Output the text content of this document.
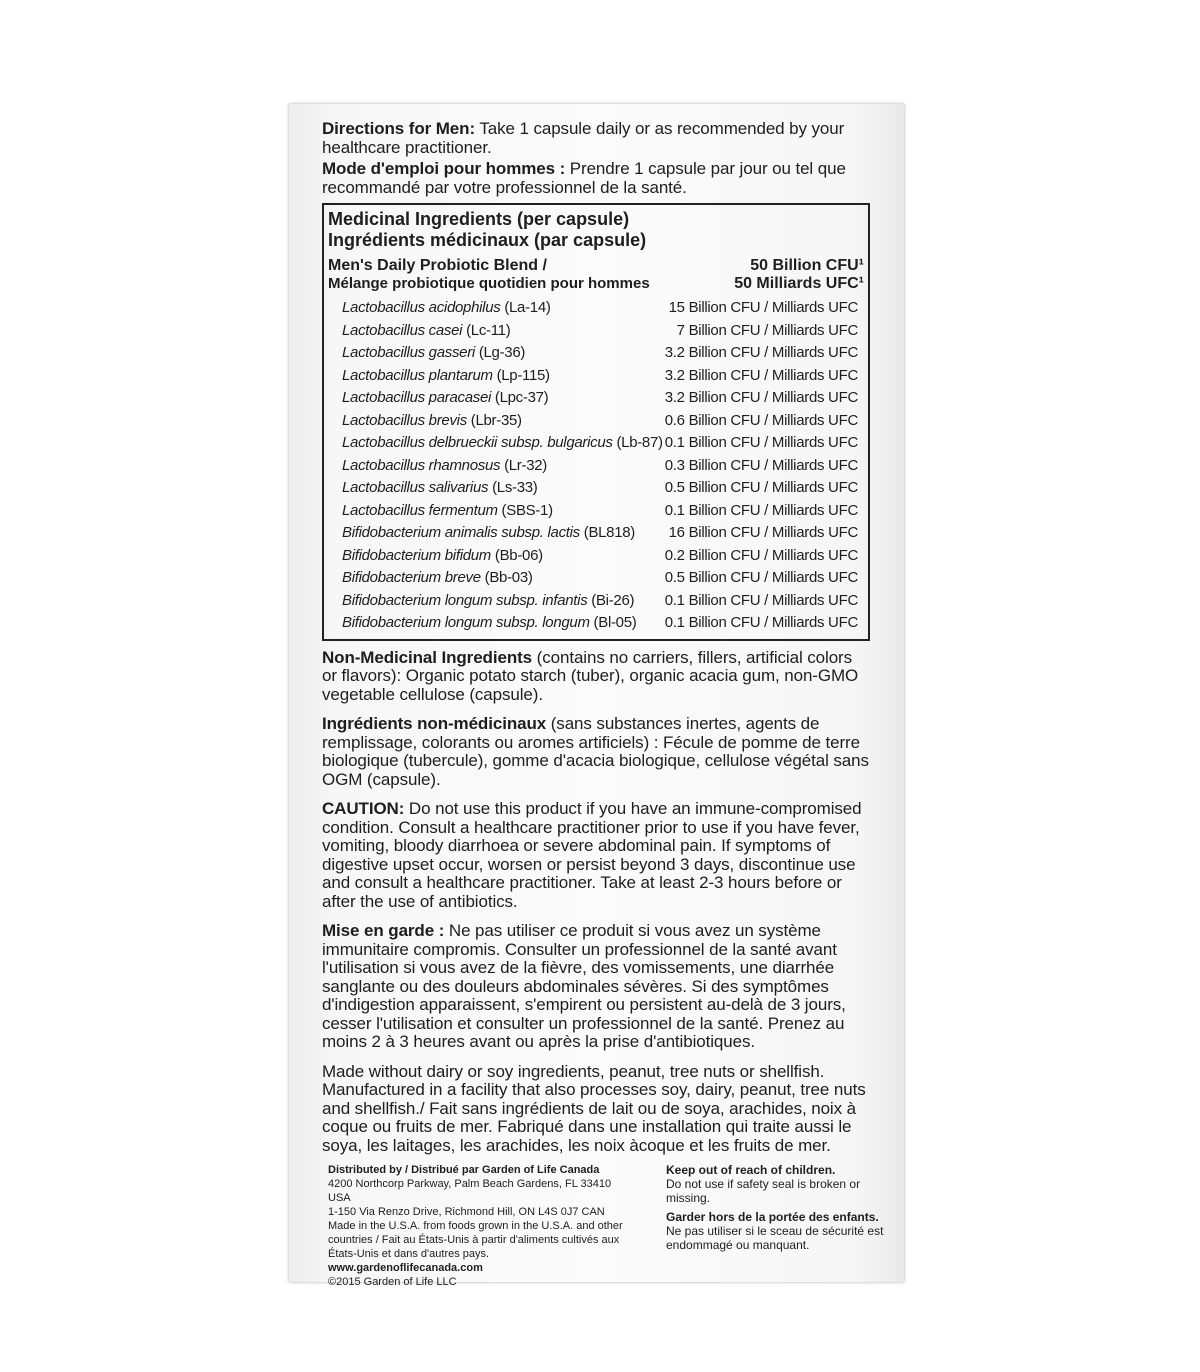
Directions for Men: Take 1 capsule daily or as recommended by your healthcare practitioner.

Mode d'emploi pour hommes : Prendre 1 capsule par jour ou tel que recommandé par votre professionnel de la santé.

Medicinal Ingredients (per capsule)
Ingrédients médicinaux (par capsule)
Men's Daily Probiotic Blend /
Mélange probiotique quotidien pour hommes
50 Billion CFU¹
50 Milliards UFC¹
Lactobacillus acidophilus (La-14)	15 Billion CFU / Milliards UFC
Lactobacillus casei (Lc-11)	7 Billion CFU / Milliards UFC
Lactobacillus gasseri (Lg-36)	3.2 Billion CFU / Milliards UFC
Lactobacillus plantarum (Lp-115)	3.2 Billion CFU / Milliards UFC
Lactobacillus paracasei (Lpc-37)	3.2 Billion CFU / Milliards UFC
Lactobacillus brevis (Lbr-35)	0.6 Billion CFU / Milliards UFC
Lactobacillus delbrueckii subsp. bulgaricus (Lb-87) 0.1 Billion CFU / Milliards UFC
Lactobacillus rhamnosus (Lr-32)	0.3 Billion CFU / Milliards UFC
Lactobacillus salivarius (Ls-33)	0.5 Billion CFU / Milliards UFC
Lactobacillus fermentum (SBS-1)	0.1 Billion CFU / Milliards UFC
Bifidobacterium animalis subsp. lactis (BL818) 16 Billion CFU / Milliards UFC
Bifidobacterium bifidum (Bb-06)	0.2 Billion CFU / Milliards UFC
Bifidobacterium breve (Bb-03)	0.5 Billion CFU / Milliards UFC
Bifidobacterium longum subsp. infantis (Bi-26) 0.1 Billion CFU / Milliards UFC
Bifidobacterium longum subsp. longum (Bl-05) 0.1 Billion CFU / Milliards UFC

Non-Medicinal Ingredients (contains no carriers, fillers, artificial colors or flavors): Organic potato starch (tuber), organic acacia gum, non-GMO vegetable cellulose (capsule).

Ingrédients non-médicinaux (sans substances inertes, agents de remplissage, colorants ou aromes artificiels) : Fécule de pomme de terre biologique (tubercule), gomme d'acacia biologique, cellulose végétal sans OGM (capsule).

CAUTION: Do not use this product if you have an immune-compromised condition. Consult a healthcare practitioner prior to use if you have fever, vomiting, bloody diarrhoea or severe abdominal pain. If symptoms of digestive upset occur, worsen or persist beyond 3 days, discontinue use and consult a healthcare practitioner. Take at least 2-3 hours before or after the use of antibiotics.

Mise en garde : Ne pas utiliser ce produit si vous avez un système immunitaire compromis. Consulter un professionnel de la santé avant l'utilisation si vous avez de la fièvre, des vomissements, une diarrhée sanglante ou des douleurs abdominales sévères. Si des symptômes d'indigestion apparaissent, s'empirent ou persistent au-delà de 3 jours, cesser l'utilisation et consulter un professionnel de la santé. Prenez au moins 2 à 3 heures avant ou après la prise d'antibiotiques.

Made without dairy or soy ingredients, peanut, tree nuts or shellfish. Manufactured in a facility that also processes soy, dairy, peanut, tree nuts and shellfish./ Fait sans ingrédients de lait ou de soya, arachides, noix à coque ou fruits de mer. Fabriqué dans une installation qui traite aussi le soya, les laitages, les arachides, les noix àcoque et les fruits de mer.

Distributed by / Distribué par Garden of Life Canada
4200 Northcorp Parkway, Palm Beach Gardens, FL 33410 USA
1-150 Via Renzo Drive, Richmond Hill, ON L4S 0J7 CAN
Made in the U.S.A. from foods grown in the U.S.A. and other countries / Fait au États-Unis à partir d'aliments cultivés aux États-Unis et dans d'autres pays. www.gardenoflifecanada.com
©2015 Garden of Life LLC
Keep out of reach of children.
Do not use if safety seal is broken or missing.
Garder hors de la portée des enfants.
Ne pas utiliser si le sceau de sécurité est endommagé ou manquant.
